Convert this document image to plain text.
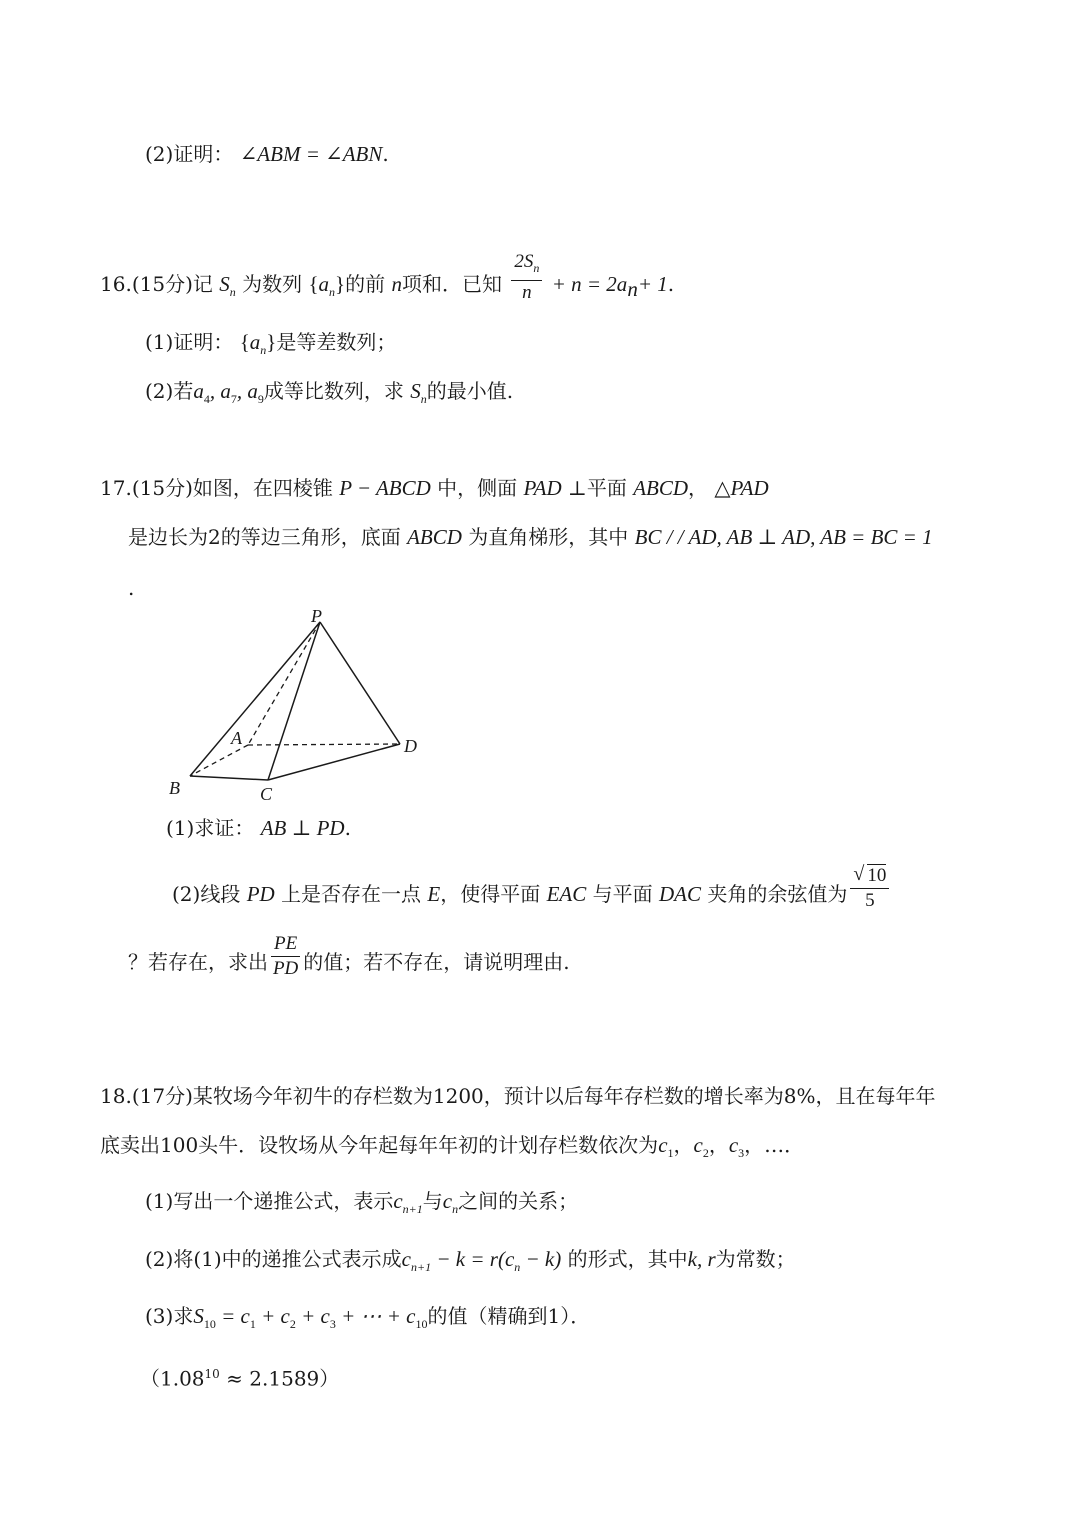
(2)证明： ∠ABM = ∠ABN.
16.(15分)记 $S_n$ 为数列 $\{a_n\}$的前 n项和．已知 $\frac{2S_n}{n} + n = 2a_n+ 1$.
(1)证明： $\{a_n\}$是等差数列；
(2)若$a_4$, $a_7$, $a_9$成等比数列，求 $S_n$的最小值.
17.(15分)如图，在四棱锥 P − ABCD 中，侧面 PAD ⊥平面 ABCD， △PAD
是边长为2的等边三角形，底面 ABCD 为直角梯形，其中 BC / / AD, AB ⊥ AD, AB = BC = 1
.
P
A
B	C
D
(1)求证： AB ⊥ PD.
(2)线段 PD 上是否存在一点 E，使得平面 EAC 与平面 DAC 夹角的余弦值为 $\frac{√ 10}{5}$
？若存在，求出 $\frac{PE}{PD}$ 的值；若不存在，请说明理由.
18.(17分)某牧场今年初牛的存栏数为1200，预计以后每年存栏数的增长率为8%，且在每年年
底卖出100头牛．设牧场从今年起每年年初的计划存栏数依次为$c_1$，$c_2$，$c_3$，…．
(1)写出一个递推公式，表示$c_{n+1}$与$c_n$之间的关系；
(2)将(1)中的递推公式表示成$c_{n+1} - k = r(c_n - k)$ 的形式，其中k, r为常数；
(3)求$S_{10} = c_1 + c_2 + c_3$ + ⋯ + $c_{10}$的值（精确到1）．
$(1.08^{10} \approx 2.1589)$
